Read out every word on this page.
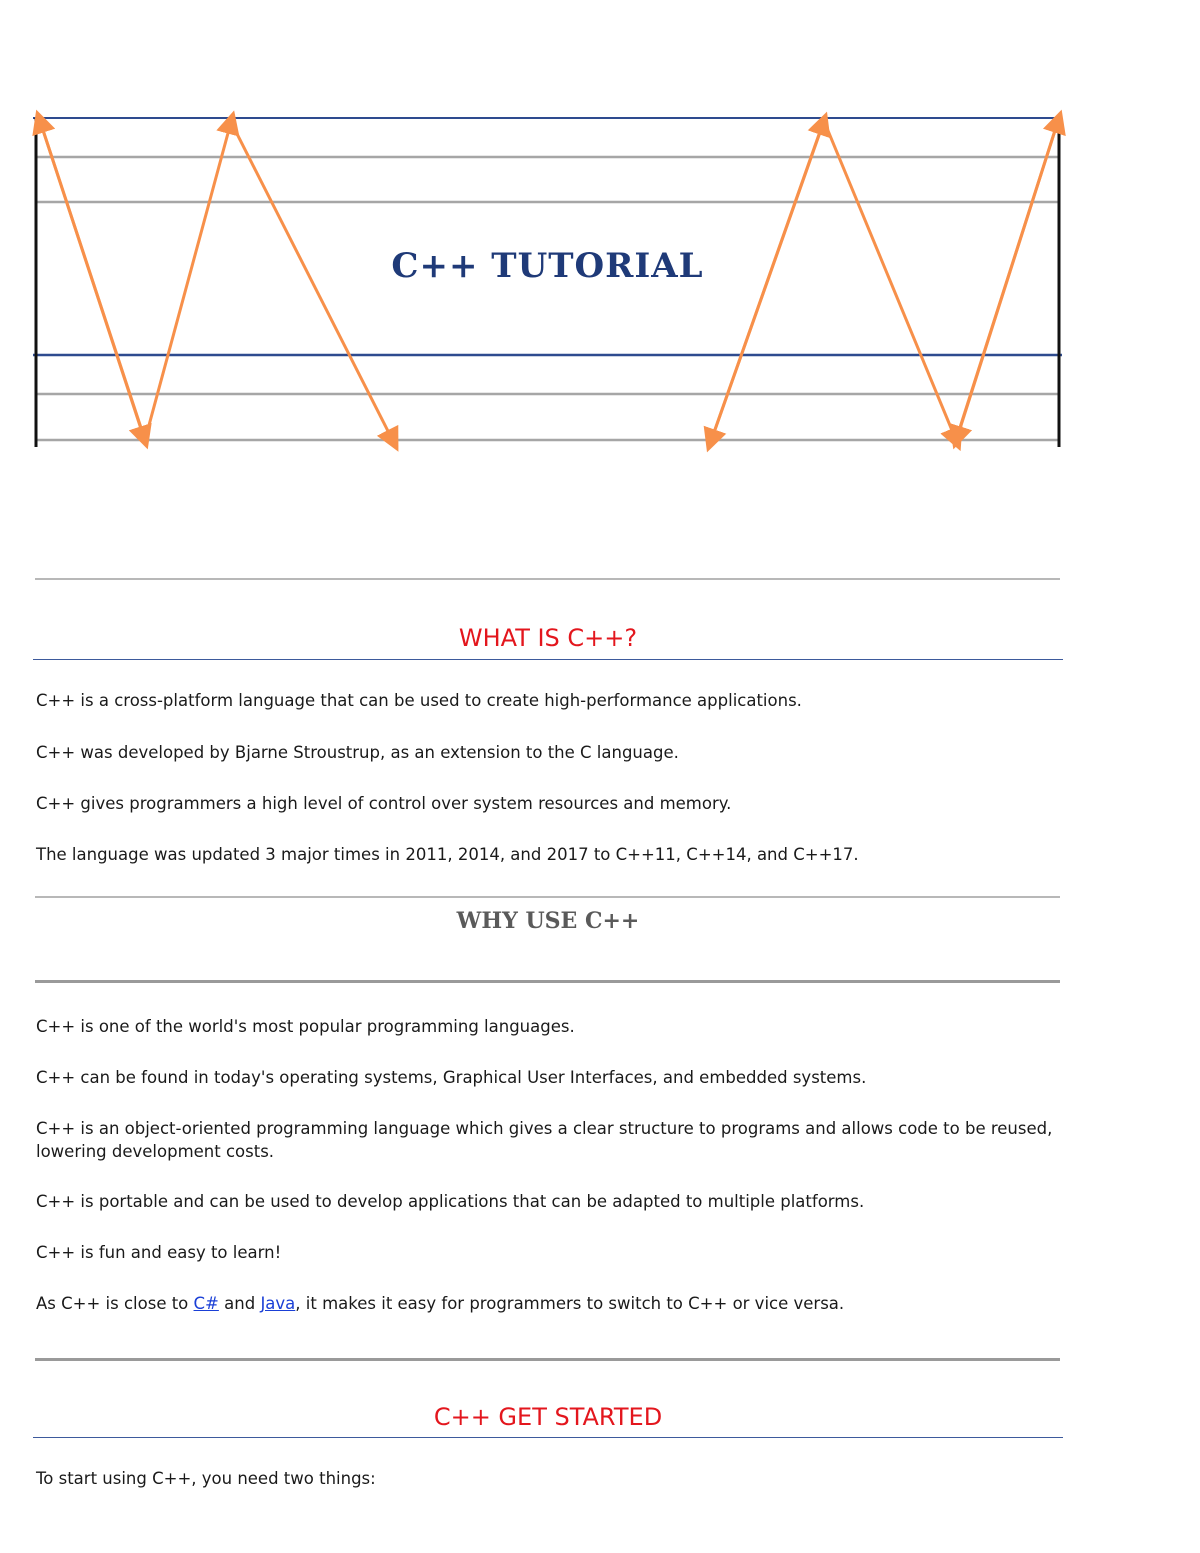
C++ TUTORIAL
WHAT IS C++?
C++ is a cross-platform language that can be used to create high-performance applications.
C++ was developed by Bjarne Stroustrup, as an extension to the C language.
C++ gives programmers a high level of control over system resources and memory.
The language was updated 3 major times in 2011, 2014, and 2017 to C++11, C++14, and C++17.
WHY USE C++
C++ is one of the world's most popular programming languages.
C++ can be found in today's operating systems, Graphical User Interfaces, and embedded systems.
C++ is an object-oriented programming language which gives a clear structure to programs and allows code to be reused, lowering development costs.
C++ is portable and can be used to develop applications that can be adapted to multiple platforms.
C++ is fun and easy to learn!
As C++ is close to C# and Java, it makes it easy for programmers to switch to C++ or vice versa.
C++ GET STARTED
To start using C++, you need two things:
